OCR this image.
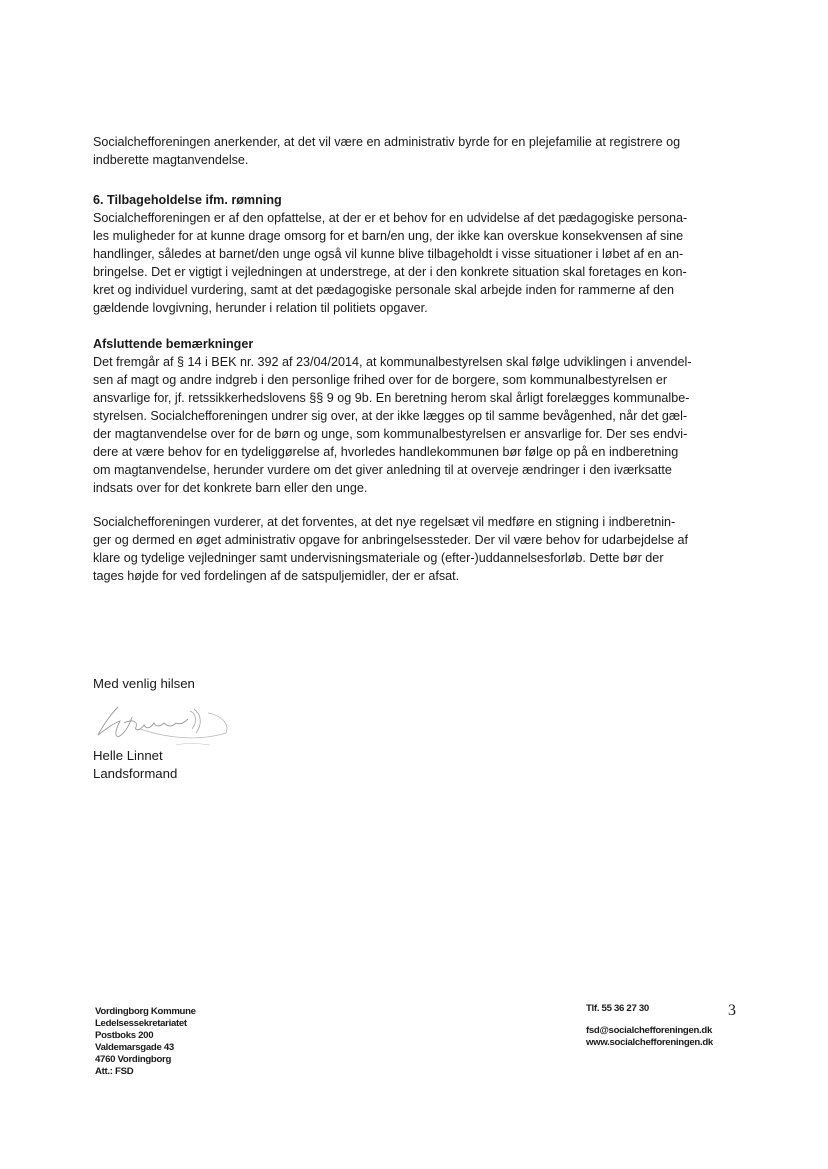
Socialchefforeningen anerkender, at det vil være en administrativ byrde for en plejefamilie at registrere og
indberette magtanvendelse.
6. Tilbageholdelse ifm. rømning
Socialchefforeningen er af den opfattelse, at der er et behov for en udvidelse af det pædagogiske persona-
les muligheder for at kunne drage omsorg for et barn/en ung, der ikke kan overskue konsekvensen af sine
handlinger, således at barnet/den unge også vil kunne blive tilbageholdt i visse situationer i løbet af en an-
bringelse. Det er vigtigt i vejledningen at understrege, at der i den konkrete situation skal foretages en kon-
kret og individuel vurdering, samt at det pædagogiske personale skal arbejde inden for rammerne af den
gældende lovgivning, herunder i relation til politiets opgaver.
Afsluttende bemærkninger
Det fremgår af § 14 i BEK nr. 392 af 23/04/2014, at kommunalbestyrelsen skal følge udviklingen i anvendel-
sen af magt og andre indgreb i den personlige frihed over for de borgere, som kommunalbestyrelsen er
ansvarlige for, jf. retssikkerhedslovens §§ 9 og 9b. En beretning herom skal årligt forelægges kommunalbe-
styrelsen. Socialchefforeningen undrer sig over, at der ikke lægges op til samme bevågenhed, når det gæl-
der magtanvendelse over for de børn og unge, som kommunalbestyrelsen er ansvarlige for. Der ses endvi-
dere at være behov for en tydeliggørelse af, hvorledes handlekommunen bør følge op på en indberetning
om magtanvendelse, herunder vurdere om det giver anledning til at overveje ændringer i den iværksatte
indsats over for det konkrete barn eller den unge.
Socialchefforeningen vurderer, at det forventes, at det nye regelsæt vil medføre en stigning i indberetnin-
ger og dermed en øget administrativ opgave for anbringelsessteder. Der vil være behov for udarbejdelse af
klare og tydelige vejledninger samt undervisningsmateriale og (efter-)uddannelsesforløb. Dette bør der
tages højde for ved fordelingen af de satspuljemidler, der er afsat.
Med venlig hilsen
Helle Linnet
Landsformand
Vordingborg Kommune
Ledelsessekretariatet
Postboks 200
Valdemarsgade 43
4760 Vordingborg
Att.: FSD
Tlf. 55 36 27 30
fsd@socialchefforeningen.dk
www.socialchefforeningen.dk
3
